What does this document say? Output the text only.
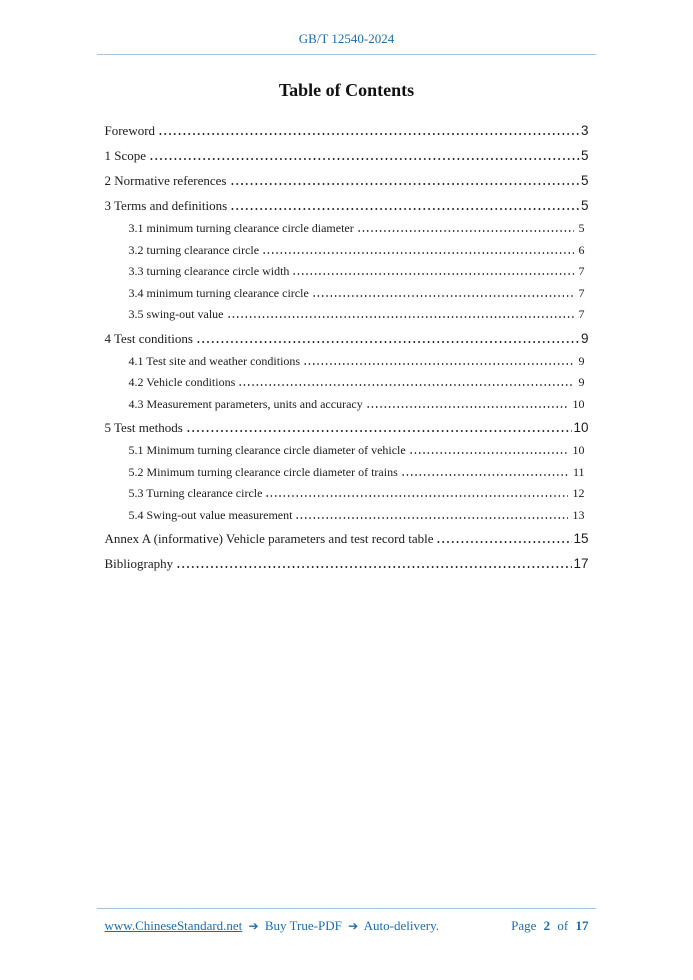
GB/T 12540-2024
Table of Contents
Foreword	3
1 Scope	5
2 Normative references	5
3 Terms and definitions	5
3.1 minimum turning clearance circle diameter	5
3.2 turning clearance circle	6
3.3 turning clearance circle width	7
3.4 minimum turning clearance circle	7
3.5 swing-out value	7
4 Test conditions	9
4.1 Test site and weather conditions	9
4.2 Vehicle conditions	9
4.3 Measurement parameters, units and accuracy	10
5 Test methods	10
5.1 Minimum turning clearance circle diameter of vehicle	10
5.2 Minimum turning clearance circle diameter of trains	11
5.3 Turning clearance circle	12
5.4 Swing-out value measurement	13
Annex A (informative) Vehicle parameters and test record table	15
Bibliography	17
www.ChineseStandard.net ➔ Buy True-PDF ➔ Auto-delivery.	Page 2 of 17
